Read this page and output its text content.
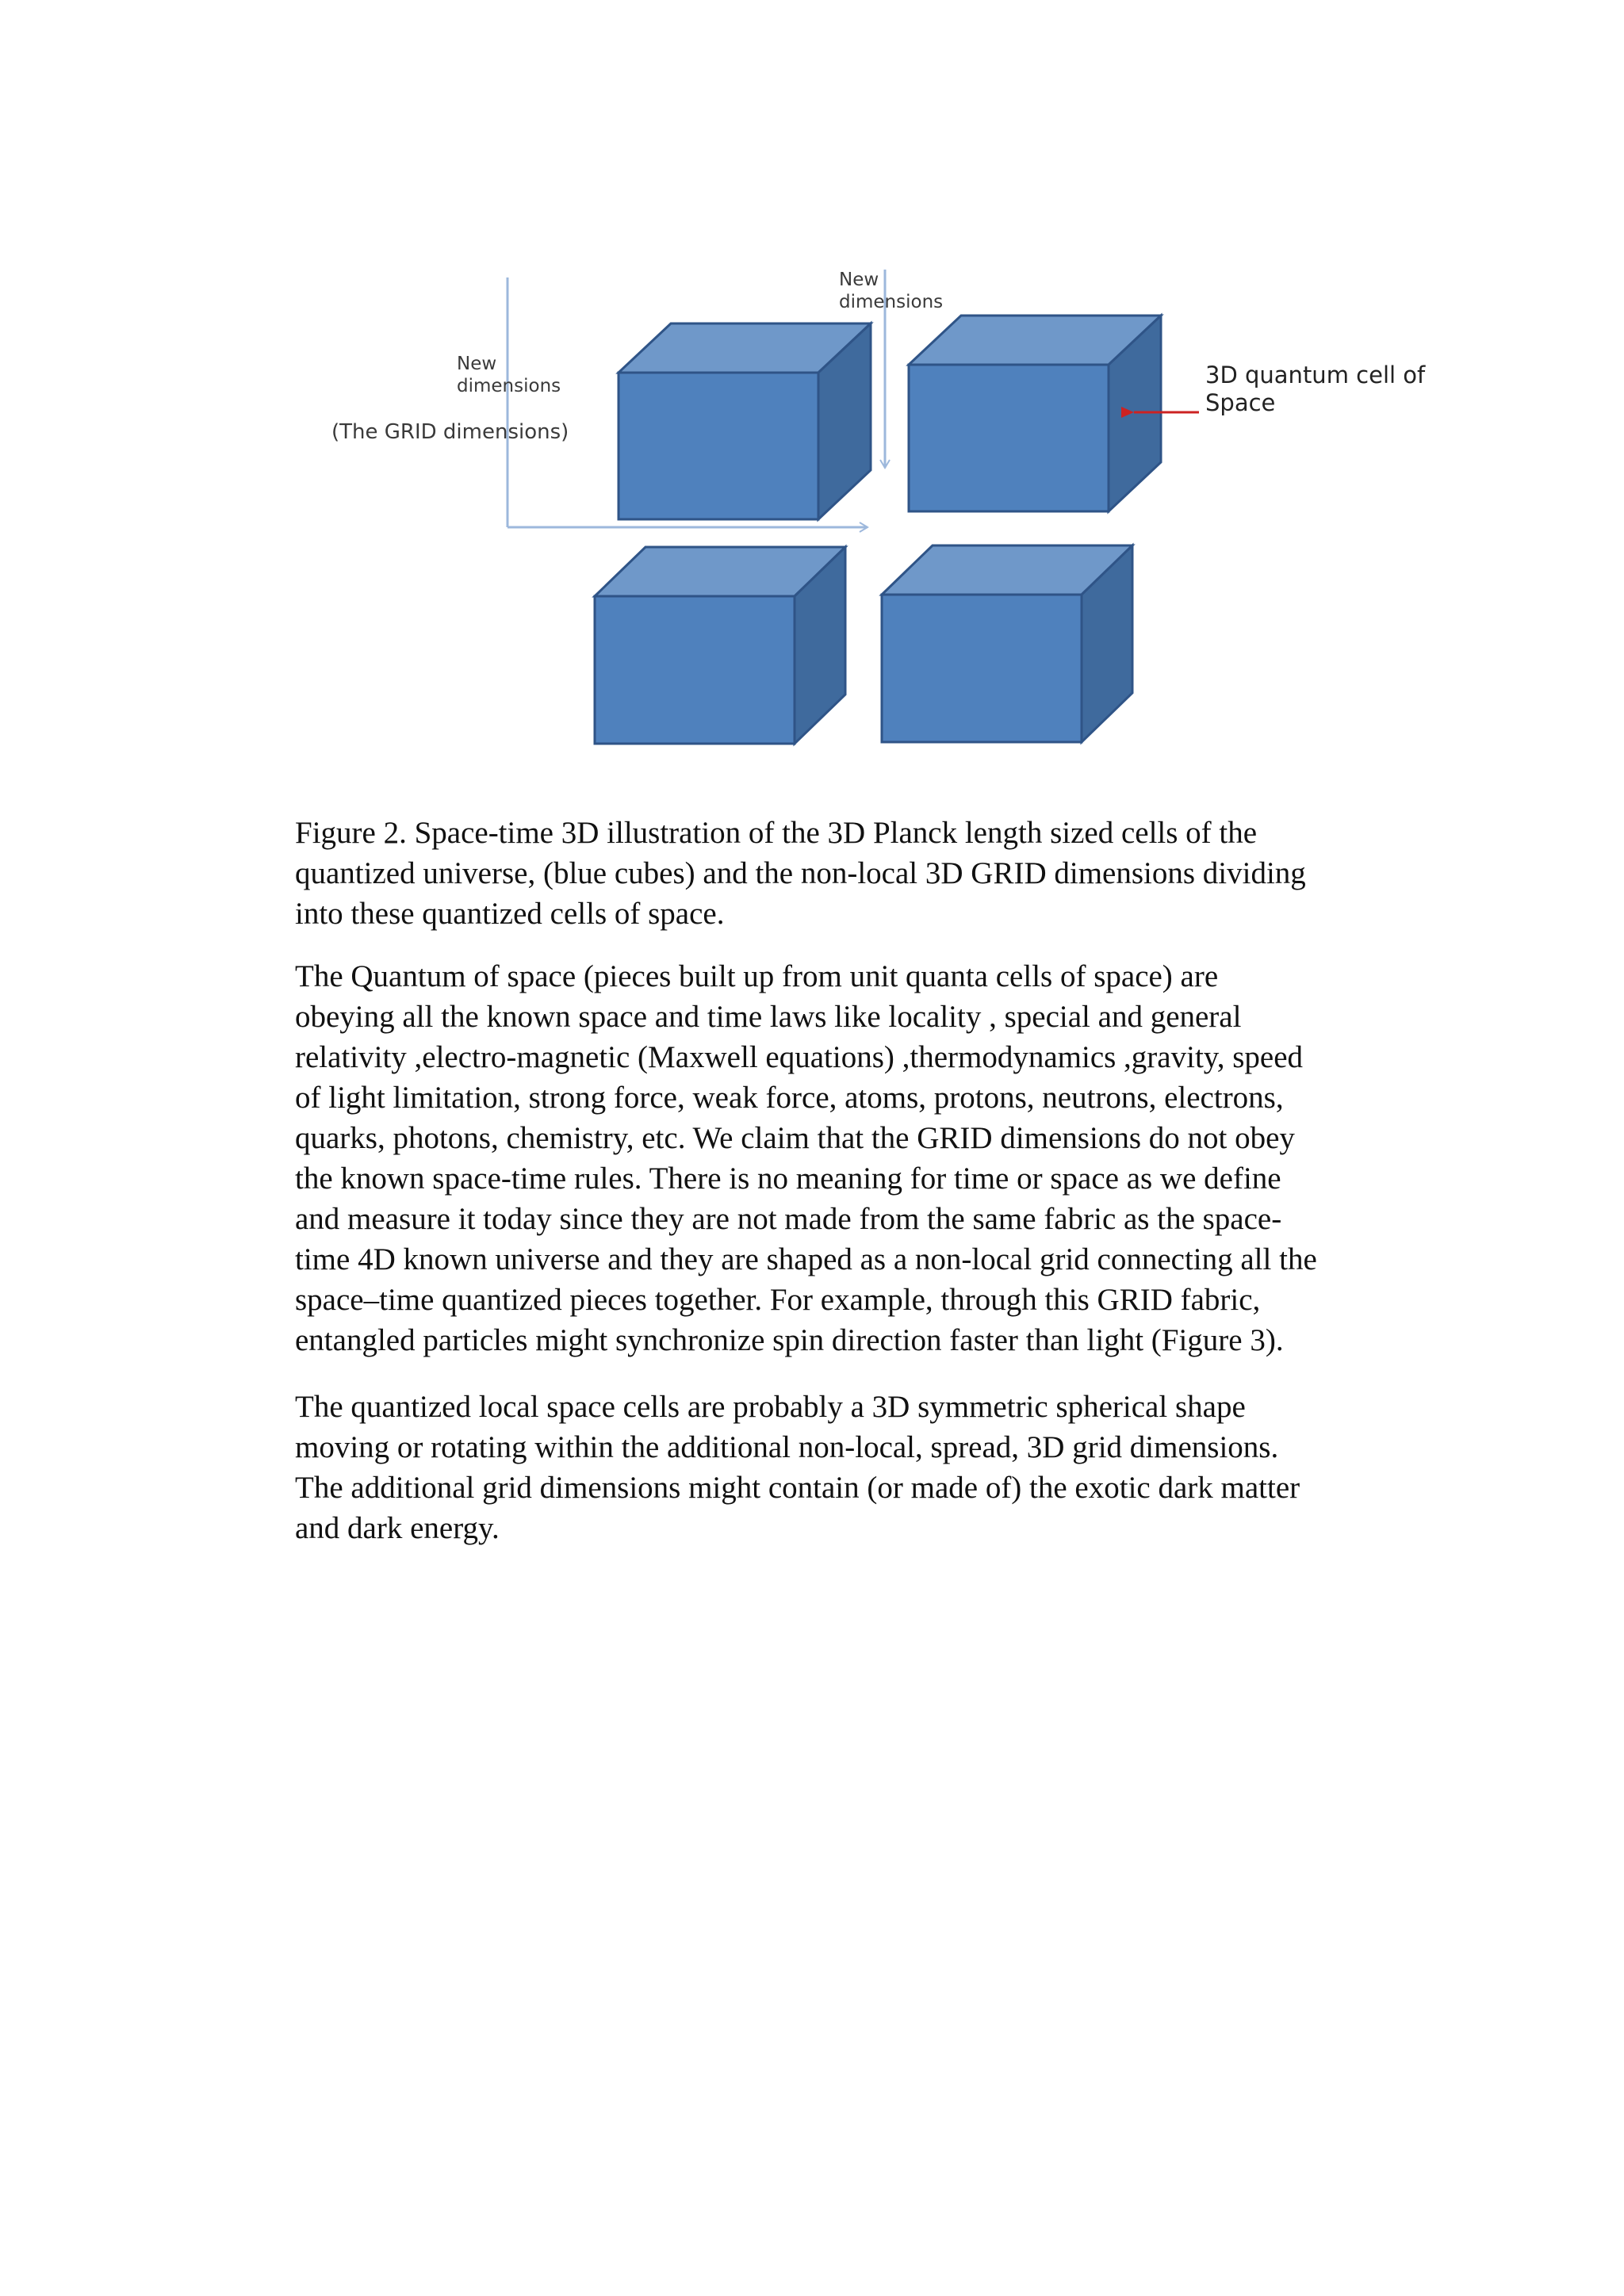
New
dimensions
New
dimensions
(The GRID dimensions)
3D quantum cell of
Space
Figure 2. Space-time 3D illustration of the 3D Planck length sized cells of the
quantized universe, (blue cubes) and the non-local 3D GRID dimensions dividing
into these quantized cells of space.
The Quantum of space (pieces built up from unit quanta cells of space) are
obeying all the known space and time laws like locality , special and general
relativity ,electro-magnetic (Maxwell equations) ,thermodynamics ,gravity, speed
of light limitation, strong force, weak force, atoms, protons, neutrons, electrons,
quarks, photons, chemistry, etc. We claim that the GRID dimensions do not obey
the known space-time rules. There is no meaning for time or space as we define
and measure it today since they are not made from the same fabric as the space-
time 4D known universe and they are shaped as a non-local grid connecting all the
space–time quantized pieces together. For example, through this GRID fabric,
entangled particles might synchronize spin direction faster than light (Figure 3).
The quantized local space cells are probably a 3D symmetric spherical shape
moving or rotating within the additional non-local, spread, 3D grid dimensions.
The additional grid dimensions might contain (or made of) the exotic dark matter
and dark energy.
